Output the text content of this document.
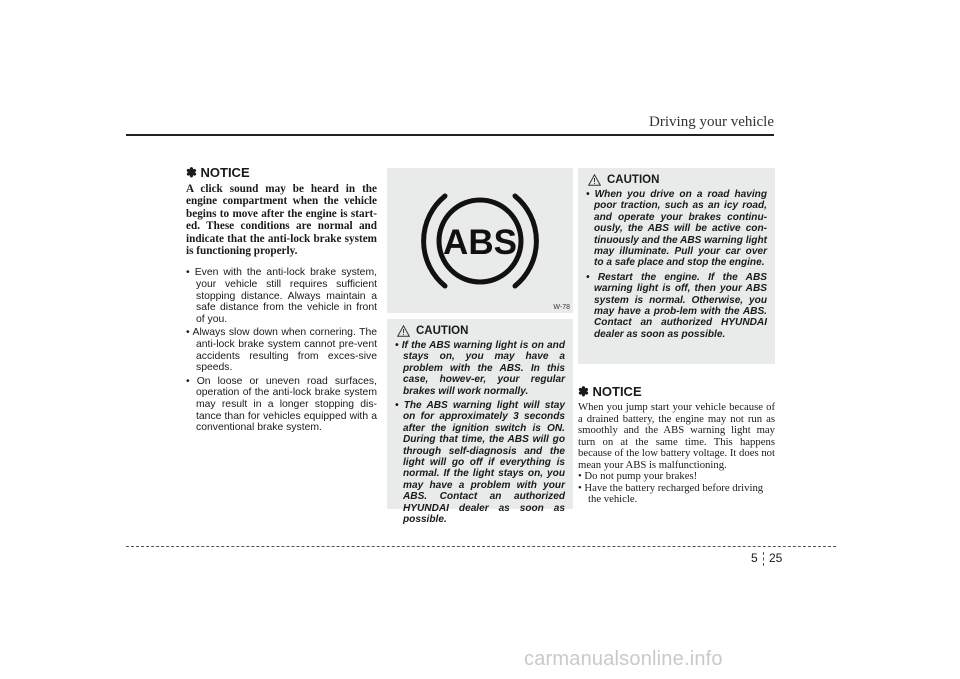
Driving your vehicle

✽ NOTICE

A click sound may be heard in the engine compartment when the vehicle begins to move after the engine is start-ed. These conditions are normal and indicate that the anti-lock brake system is functioning properly.

• Even with the anti-lock brake system, your vehicle still requires sufficient stopping distance. Always maintain a safe distance from the vehicle in front of you.
• Always slow down when cornering. The anti-lock brake system cannot pre-vent accidents resulting from exces-sive speeds.
• On loose or uneven road surfaces, operation of the anti-lock brake system may result in a longer stopping dis-tance than for vehicles equipped with a conventional brake system.
ABS
W-78
CAUTION
• If the ABS warning light is on and stays on, you may have a problem with the ABS. In this case, howev-er, your regular brakes will work normally.
• The ABS warning light will stay on for approximately 3 seconds after the ignition switch is ON. During that time, the ABS will go through self-diagnosis and the light will go off if everything is normal. If the light stays on, you may have a problem with your ABS. Contact an authorized HYUNDAI dealer as soon as possible.
CAUTION
• When you drive on a road having poor traction, such as an icy road, and operate your brakes continu-ously, the ABS will be active con-tinuously and the ABS warning light may illuminate. Pull your car over to a safe place and stop the engine.
• Restart the engine. If the ABS warning light is off, then your ABS system is normal. Otherwise, you may have a prob-lem with the ABS. Contact an authorized HYUNDAI dealer as soon as possible.

✽ NOTICE

When you jump start your vehicle because of a drained battery, the engine may not run as smoothly and the ABS warning light may turn on at the same time. This happens because of the low battery voltage. It does not mean your ABS is malfunctioning.

• Do not pump your brakes!
• Have the battery recharged before driving the vehicle.
5 25
carmanualsonline.info
